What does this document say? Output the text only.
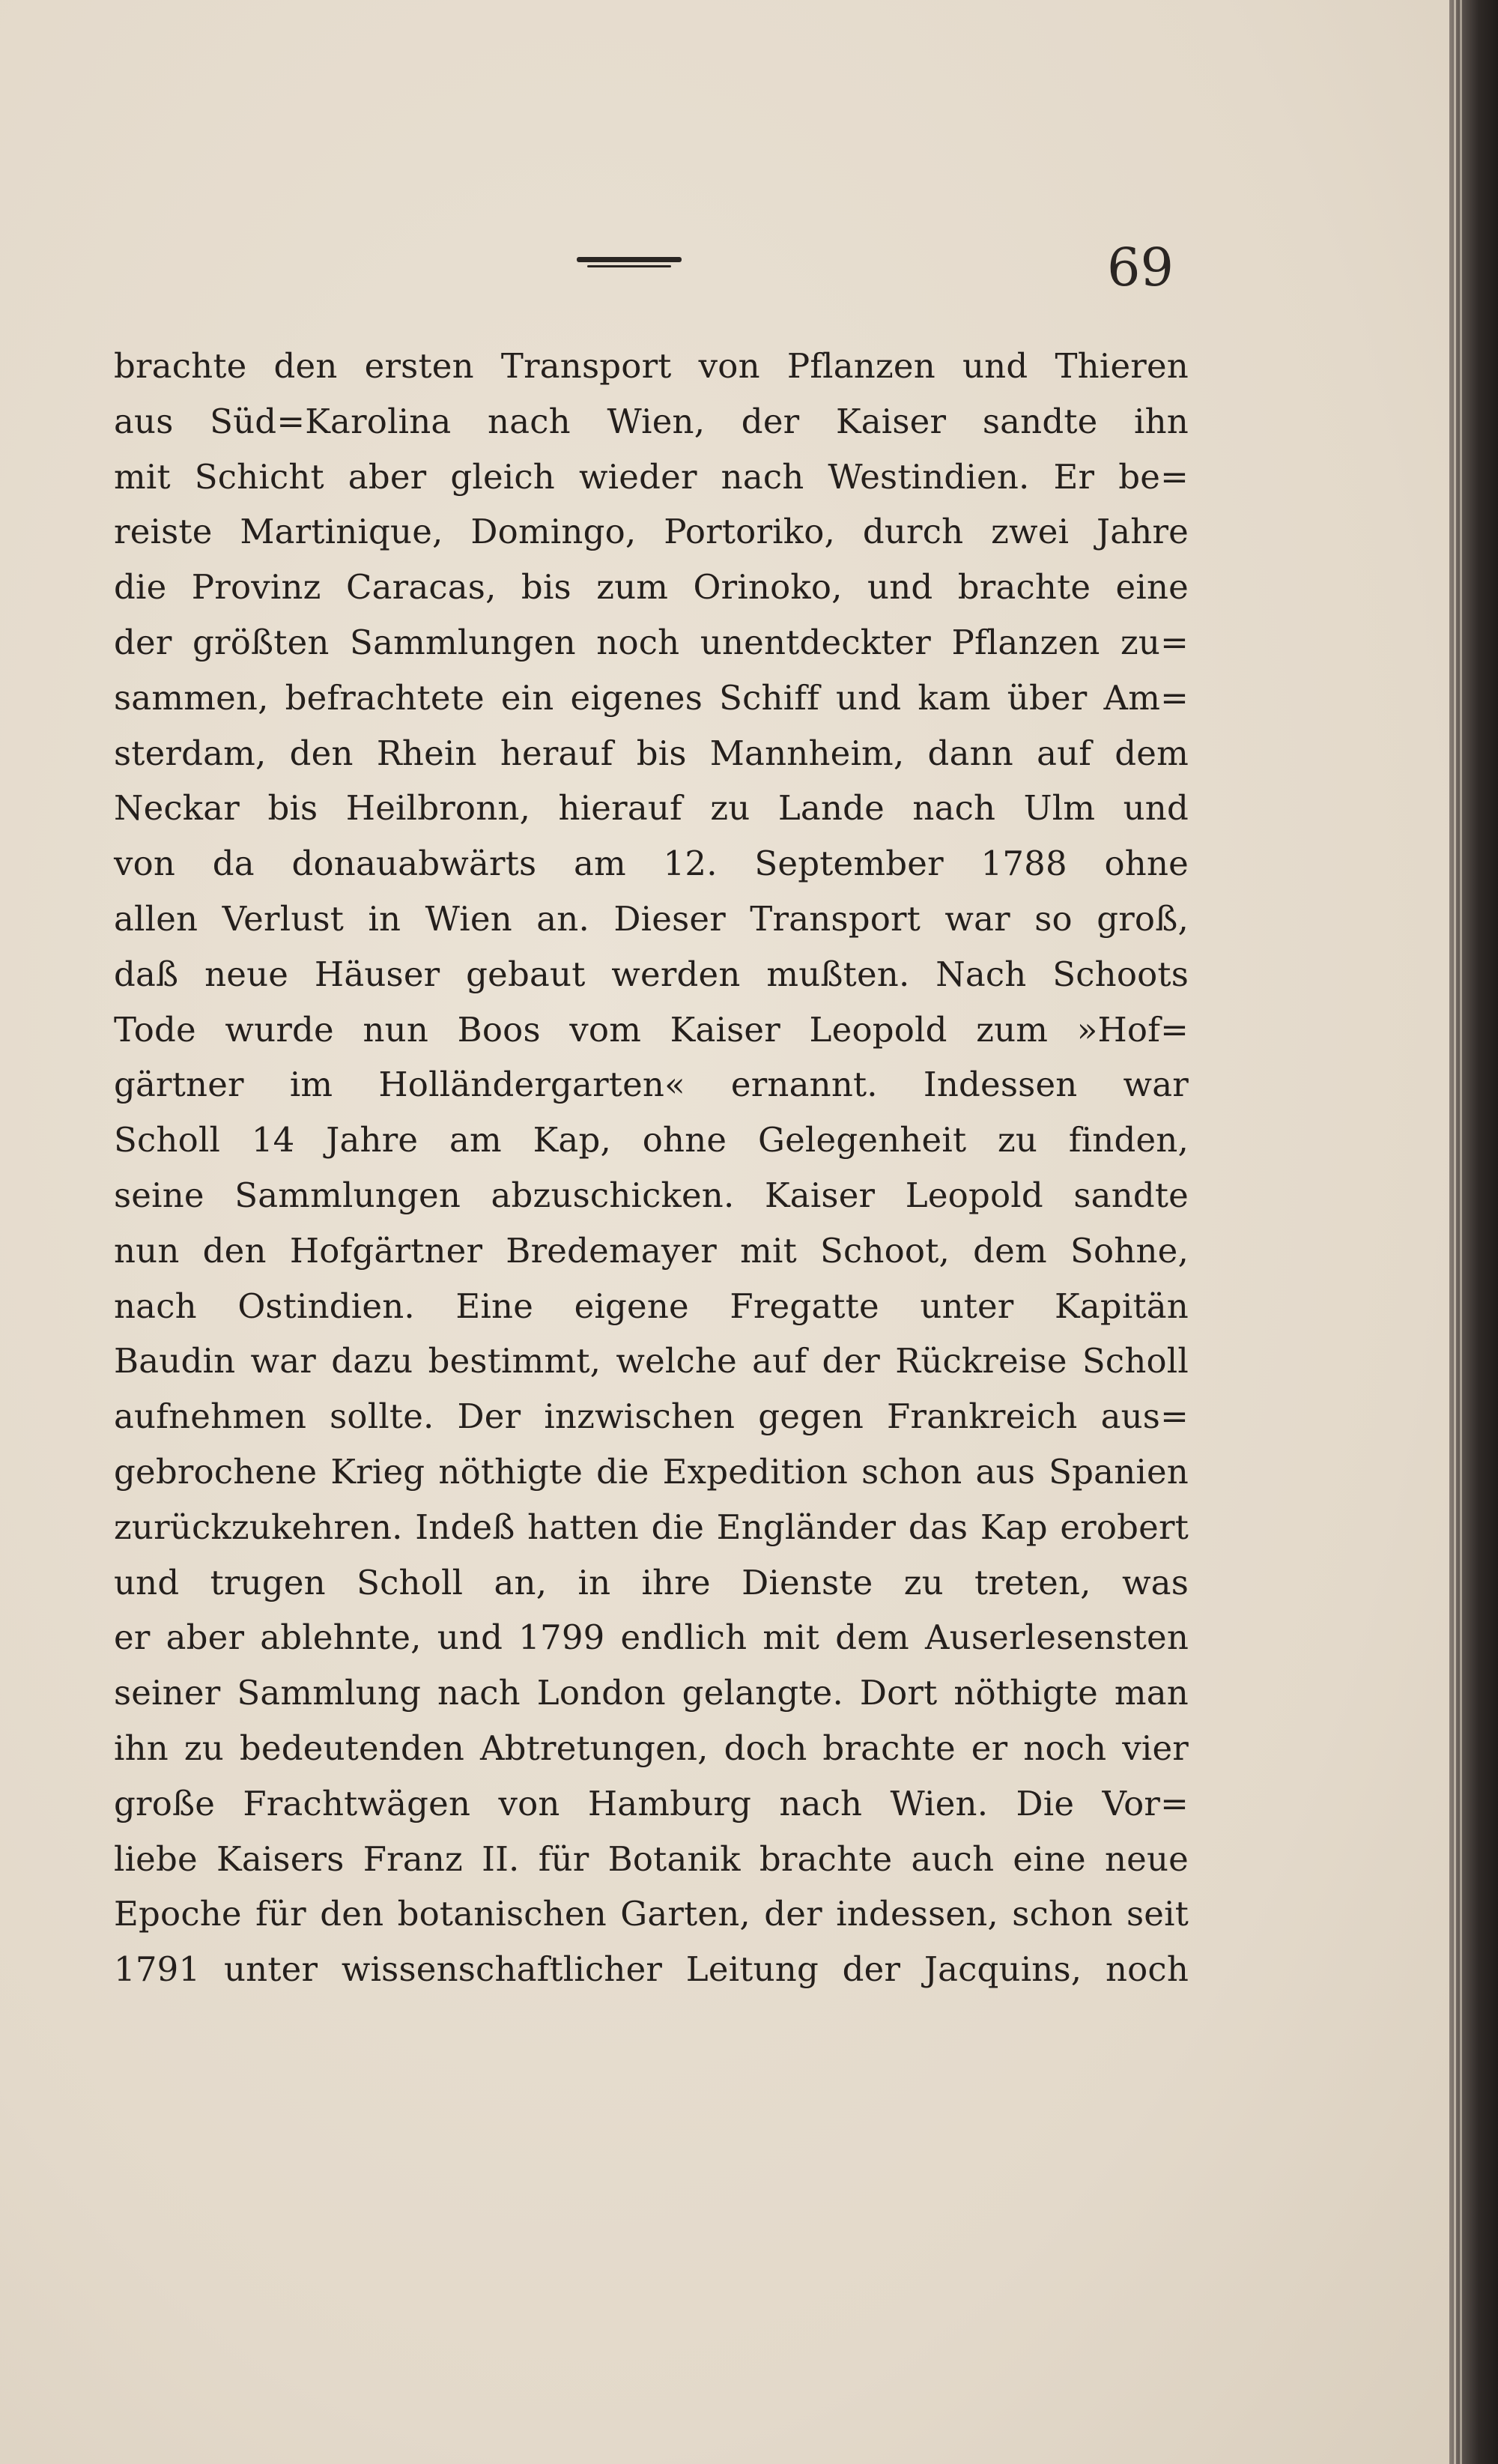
69
brachte den ersten Transport von Pflanzen und Thieren
aus Süd=Karolina nach Wien, der Kaiser sandte ihn
mit Schicht aber gleich wieder nach Westindien. Er be=
reiste Martinique, Domingo, Portoriko, durch zwei Jahre
die Provinz Caracas, bis zum Orinoko, und brachte eine
der größten Sammlungen noch unentdeckter Pflanzen zu=
sammen, befrachtete ein eigenes Schiff und kam über Am=
sterdam, den Rhein herauf bis Mannheim, dann auf dem
Neckar bis Heilbronn, hierauf zu Lande nach Ulm und
von da donauabwärts am 12. September 1788 ohne
allen Verlust in Wien an. Dieser Transport war so groß,
daß neue Häuser gebaut werden mußten. Nach Schoots
Tode wurde nun Boos vom Kaiser Leopold zum »Hof=
gärtner im Holländergarten« ernannt. Indessen war
Scholl 14 Jahre am Kap, ohne Gelegenheit zu finden,
seine Sammlungen abzuschicken. Kaiser Leopold sandte
nun den Hofgärtner Bredemayer mit Schoot, dem Sohne,
nach Ostindien. Eine eigene Fregatte unter Kapitän
Baudin war dazu bestimmt, welche auf der Rückreise Scholl
aufnehmen sollte. Der inzwischen gegen Frankreich aus=
gebrochene Krieg nöthigte die Expedition schon aus Spanien
zurückzukehren. Indeß hatten die Engländer das Kap erobert
und trugen Scholl an, in ihre Dienste zu treten, was
er aber ablehnte, und 1799 endlich mit dem Auserlesensten
seiner Sammlung nach London gelangte. Dort nöthigte man
ihn zu bedeutenden Abtretungen, doch brachte er noch vier
große Frachtwägen von Hamburg nach Wien. Die Vor=
liebe Kaisers Franz II. für Botanik brachte auch eine neue
Epoche für den botanischen Garten, der indessen, schon seit
1791 unter wissenschaftlicher Leitung der Jacquins, noch
